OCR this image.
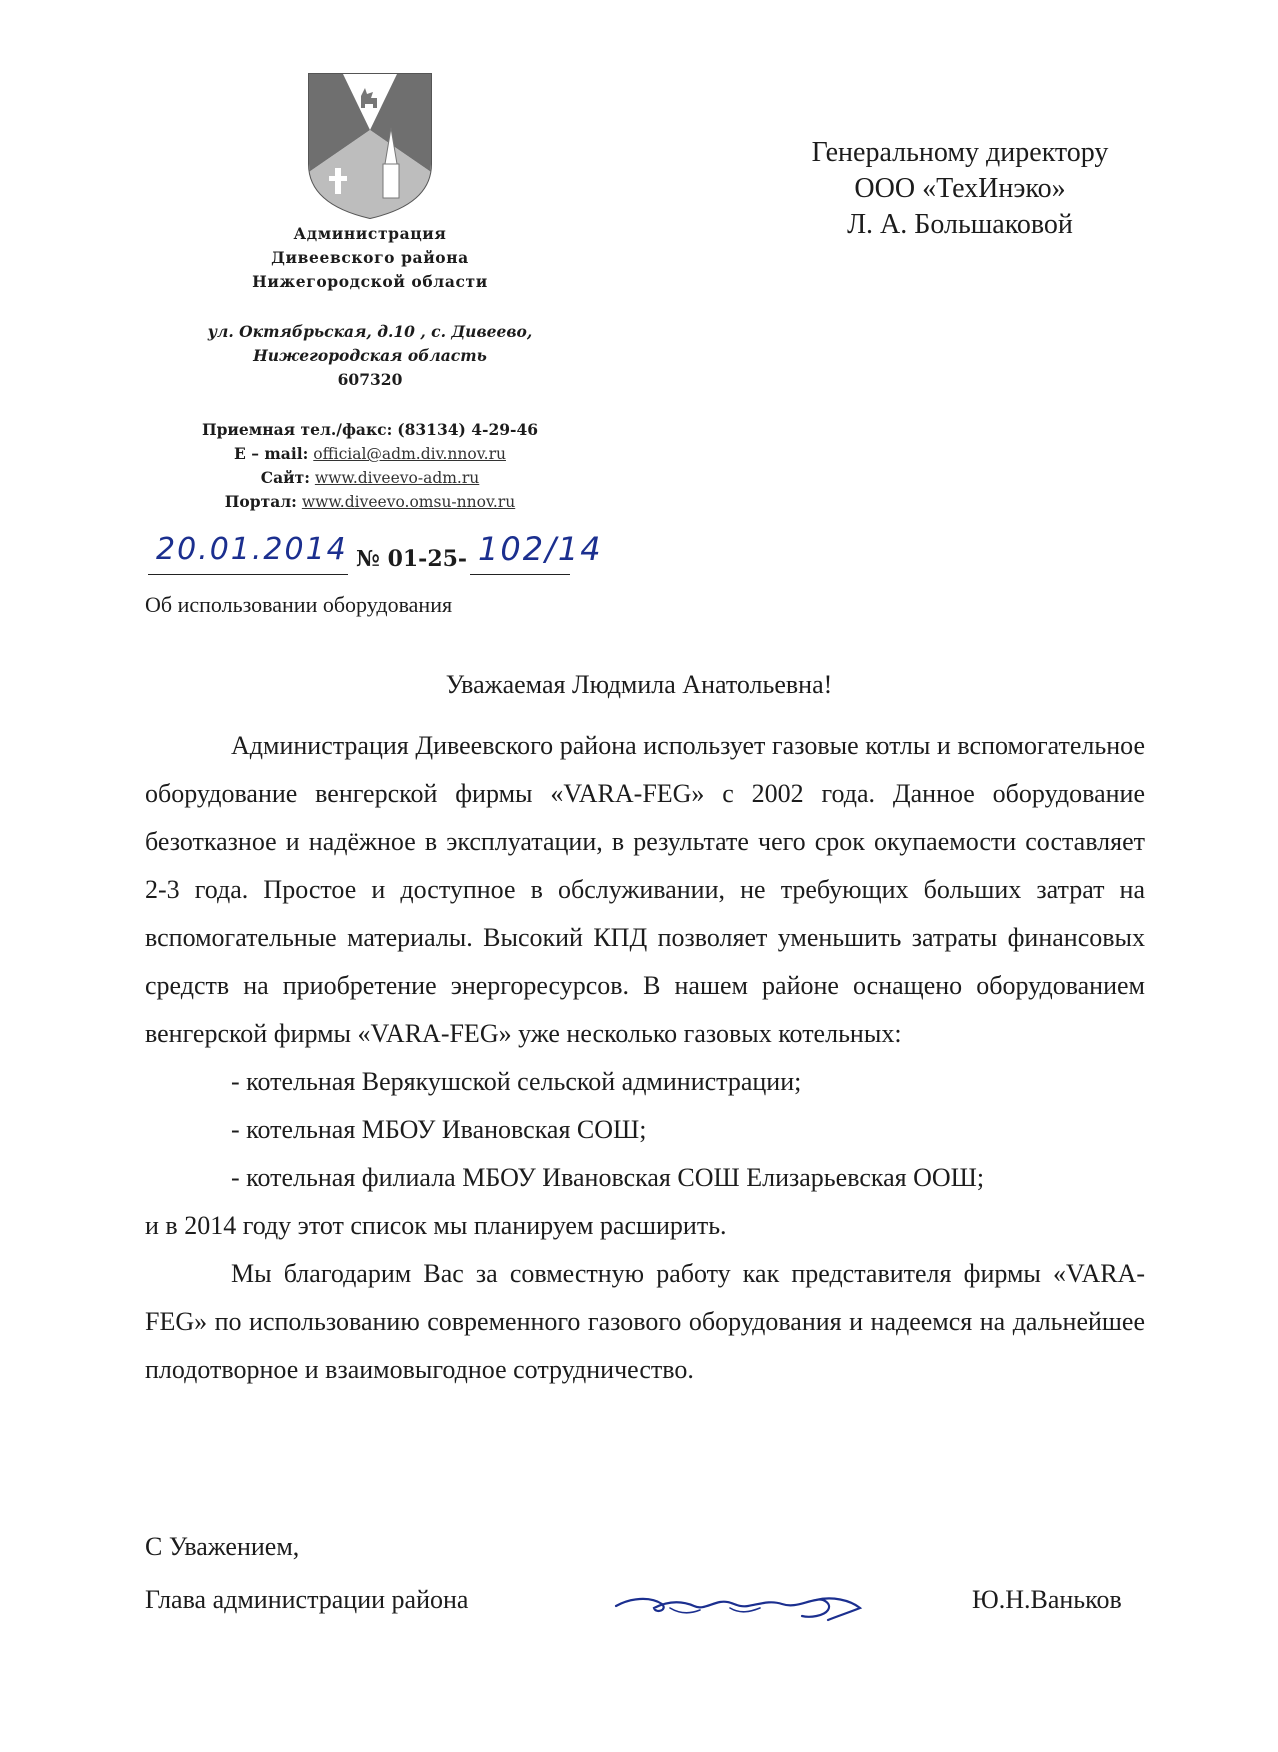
Администрация
Дивеевского района
Нижегородской области
ул. Октябрьская, д.10 , с. Дивеево,
Нижегородская область
607320
Приемная тел./факс: (83134) 4-29-46
E – mail: official@adm.div.nnov.ru
Сайт: www.diveevo-adm.ru
Портал: www.diveevo.omsu-nnov.ru
Генеральному директору
ООО «ТехИнэко»
Л. А. Большаковой
20.01.2014 № 01-25- 102/14
Об использовании оборудования
Уважаемая Людмила Анатольевна!

Администрация Дивеевского района использует газовые котлы и вспомогательное оборудование венгерской фирмы «VARA-FEG» с 2002 года. Данное оборудование безотказное и надёжное в эксплуатации, в результате чего срок окупаемости составляет 2-3 года. Простое и доступное в обслуживании, не требующих больших затрат на вспомогательные материалы. Высокий КПД позволяет уменьшить затраты финансовых средств на приобретение энергоресурсов. В нашем районе оснащено оборудованием венгерской фирмы «VARA-FEG» уже несколько газовых котельных:

- котельная Верякушской сельской администрации;

- котельная МБОУ Ивановская СОШ;

- котельная филиала МБОУ Ивановская СОШ Елизарьевская ООШ;

и в 2014 году этот список мы планируем расширить.

Мы благодарим Вас за совместную работу как представителя фирмы «VARA-FEG» по использованию современного газового оборудования и надеемся на дальнейшее плодотворное и взаимовыгодное сотрудничество.

С Уважением,
Глава администрации района	Ю.Н.Ваньков
